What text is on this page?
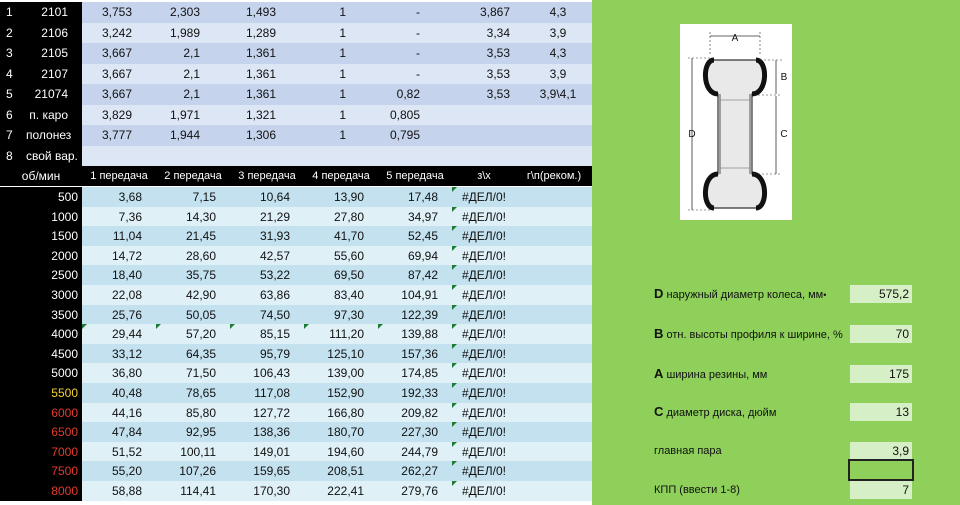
1	2101	3,753	2,303	1,493	1	-	3,867	4,3
2	2106	3,242	1,989	1,289	1	-	3,34	3,9
3	2105	3,667	2,1	1,361	1	-	3,53	4,3
4	2107	3,667	2,1	1,361	1	-	3,53	3,9
5	21074	3,667	2,1	1,361	1	0,82	3,53	3,9\4,1
6	п. каро	3,829	1,971	1,321	1	0,805
7	полонез	3,777	1,944	1,306	1	0,795
8	свой вар.
об/мин	1 передача	2 передача	3 передача	4 передача	5 передача	з\х	г\п(реком.)
500	3,68	7,15	10,64	13,90	17,48	#ДЕЛ/0!
1000	7,36	14,30	21,29	27,80	34,97	#ДЕЛ/0!
1500	11,04	21,45	31,93	41,70	52,45	#ДЕЛ/0!
2000	14,72	28,60	42,57	55,60	69,94	#ДЕЛ/0!
2500	18,40	35,75	53,22	69,50	87,42	#ДЕЛ/0!
3000	22,08	42,90	63,86	83,40	104,91	#ДЕЛ/0!
3500	25,76	50,05	74,50	97,30	122,39	#ДЕЛ/0!
4000	29,44	57,20	85,15	111,20	139,88	#ДЕЛ/0!
4500	33,12	64,35	95,79	125,10	157,36	#ДЕЛ/0!
5000	36,80	71,50	106,43	139,00	174,85	#ДЕЛ/0!
5500	40,48	78,65	117,08	152,90	192,33	#ДЕЛ/0!
6000	44,16	85,80	127,72	166,80	209,82	#ДЕЛ/0!
6500	47,84	92,95	138,36	180,70	227,30	#ДЕЛ/0!
7000	51,52	100,11	149,01	194,60	244,79	#ДЕЛ/0!
7500	55,20	107,26	159,65	208,51	262,27	#ДЕЛ/0!
8000	58,88	114,41	170,30	222,41	279,76	#ДЕЛ/0!
A
B
C
D
D наружный диаметр колеса, мм•	575,2
B отн. высоты профиля к ширине, %	70
A ширина резины, мм	175
C диаметр диска, дюйм	13
главная пара	3,9
КПП (ввести 1-8)	7
